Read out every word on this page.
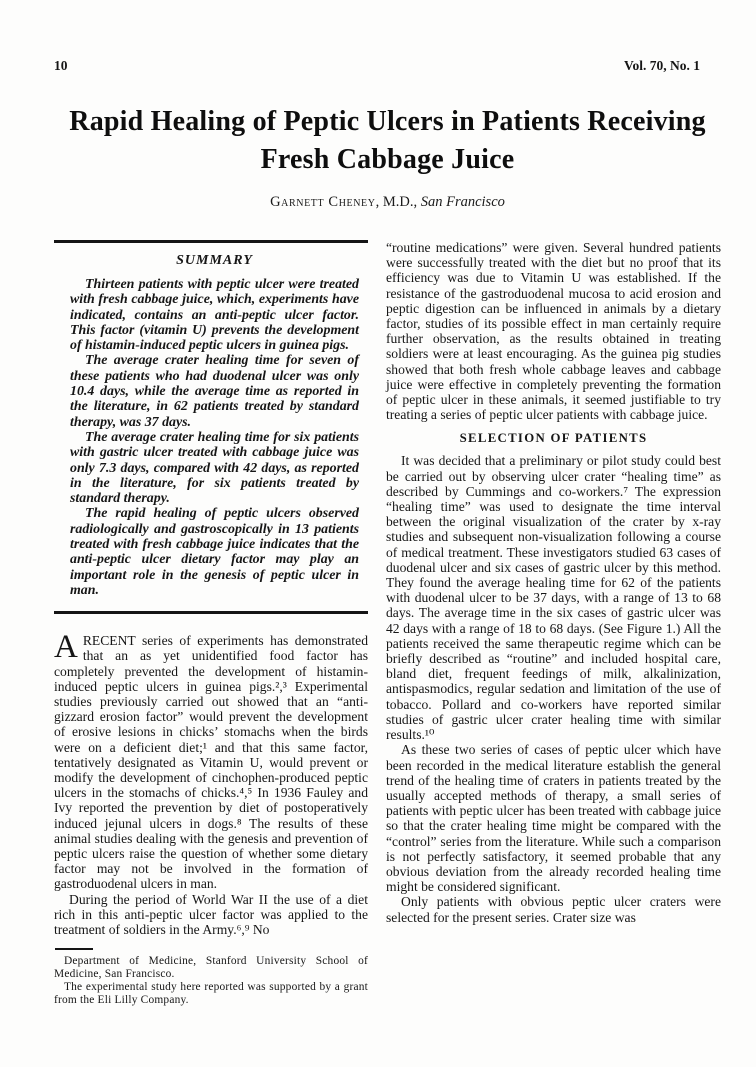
10	Vol. 70, No. 1
Rapid Healing of Peptic Ulcers in Patients Receiving
Fresh Cabbage Juice
Garnett Cheney, M.D., San Francisco
SUMMARY

Thirteen patients with peptic ulcer were treated with fresh cabbage juice, which, experiments have indicated, contains an anti-peptic ulcer factor. This factor (vitamin U) prevents the development of histamin-induced peptic ulcers in guinea pigs.

The average crater healing time for seven of these patients who had duodenal ulcer was only 10.4 days, while the average time as reported in the literature, in 62 patients treated by standard therapy, was 37 days.

The average crater healing time for six patients with gastric ulcer treated with cabbage juice was only 7.3 days, compared with 42 days, as reported in the literature, for six patients treated by standard therapy.

The rapid healing of peptic ulcers observed radiologically and gastroscopically in 13 patients treated with fresh cabbage juice indicates that the anti-peptic ulcer dietary factor may play an important role in the genesis of peptic ulcer in man.

ARECENT series of experiments has demonstrated that an as yet unidentified food factor has completely prevented the development of histamin-induced peptic ulcers in guinea pigs.²,³ Experimental studies previously carried out showed that an “anti-gizzard erosion factor” would prevent the development of erosive lesions in chicks’ stomachs when the birds were on a deficient diet;¹ and that this same factor, tentatively designated as Vitamin U, would prevent or modify the development of cinchophen-produced peptic ulcers in the stomachs of chicks.⁴,⁵ In 1936 Fauley and Ivy reported the prevention by diet of postoperatively induced jejunal ulcers in dogs.⁸ The results of these animal studies dealing with the genesis and prevention of peptic ulcers raise the question of whether some dietary factor may not be involved in the formation of gastroduodenal ulcers in man.

During the period of World War II the use of a diet rich in this anti-peptic ulcer factor was applied to the treatment of soldiers in the Army.⁶,⁹ No

Department of Medicine, Stanford University School of Medicine, San Francisco.

The experimental study here reported was supported by a grant from the Eli Lilly Company.

“routine medications” were given. Several hundred patients were successfully treated with the diet but no proof that its efficiency was due to Vitamin U was established. If the resistance of the gastroduodenal mucosa to acid erosion and peptic digestion can be influenced in animals by a dietary factor, studies of its possible effect in man certainly require further observation, as the results obtained in treating soldiers were at least encouraging. As the guinea pig studies showed that both fresh whole cabbage leaves and cabbage juice were effective in completely preventing the formation of peptic ulcer in these animals, it seemed justifiable to try treating a series of peptic ulcer patients with cabbage juice.

SELECTION OF PATIENTS

It was decided that a preliminary or pilot study could best be carried out by observing ulcer crater “healing time” as described by Cummings and co-workers.⁷ The expression “healing time” was used to designate the time interval between the original visualization of the crater by x-ray studies and subsequent non-visualization following a course of medical treatment. These investigators studied 63 cases of duodenal ulcer and six cases of gastric ulcer by this method. They found the average healing time for 62 of the patients with duodenal ulcer to be 37 days, with a range of 13 to 68 days. The average time in the six cases of gastric ulcer was 42 days with a range of 18 to 68 days. (See Figure 1.) All the patients received the same therapeutic regime which can be briefly described as “routine” and included hospital care, bland diet, frequent feedings of milk, alkalinization, antispasmodics, regular sedation and limitation of the use of tobacco. Pollard and co-workers have reported similar studies of gastric ulcer crater healing time with similar results.¹⁰

As these two series of cases of peptic ulcer which have been recorded in the medical literature establish the general trend of the healing time of craters in patients treated by the usually accepted methods of therapy, a small series of patients with peptic ulcer has been treated with cabbage juice so that the crater healing time might be compared with the “control” series from the literature. While such a comparison is not perfectly satisfactory, it seemed probable that any obvious deviation from the already recorded healing time might be considered significant.

Only patients with obvious peptic ulcer craters were selected for the present series. Crater size was
